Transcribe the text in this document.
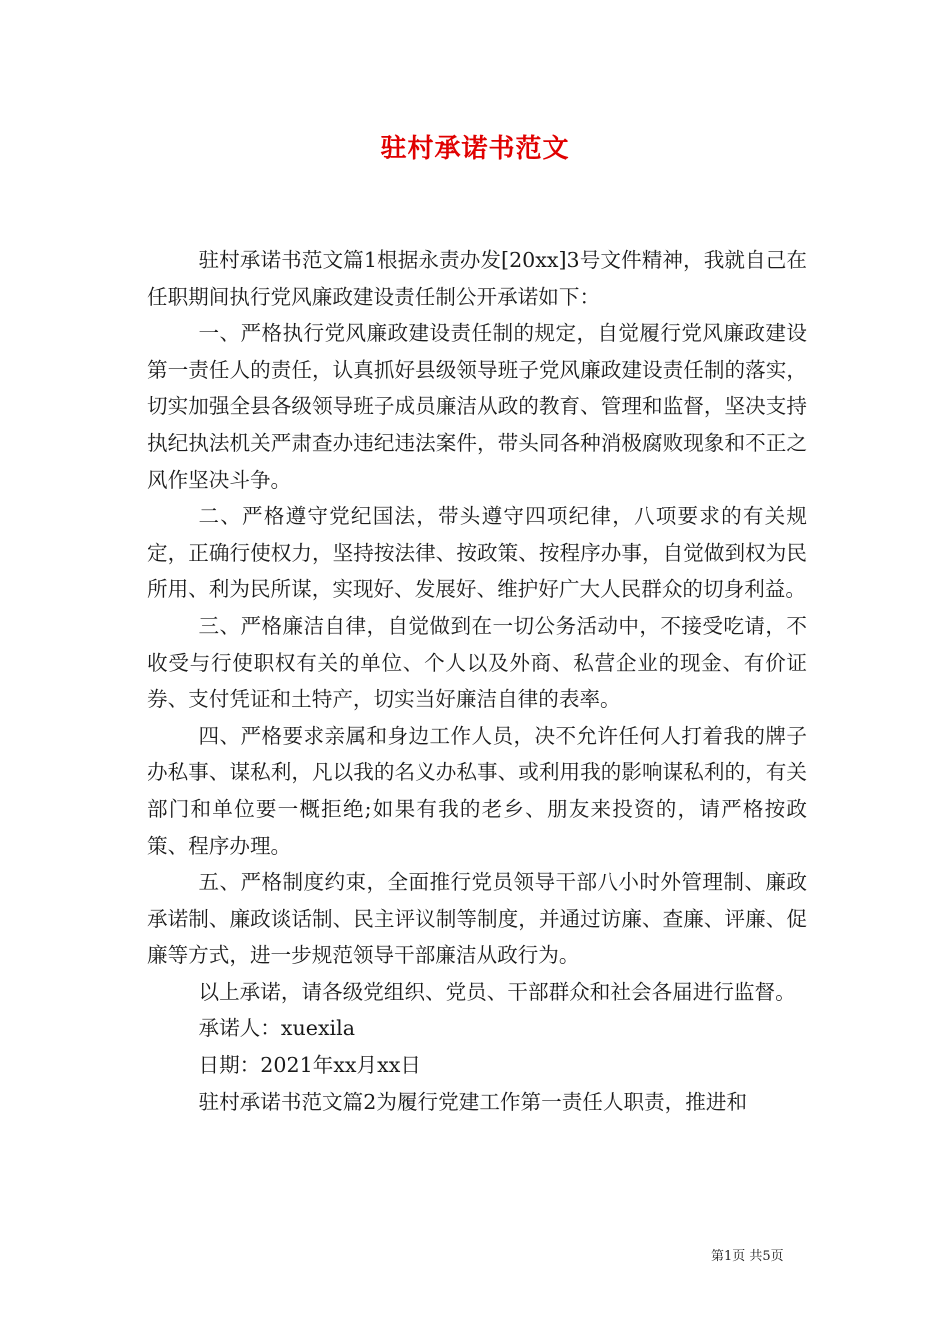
驻村承诺书范文

驻村承诺书范文篇1根据永责办发[20xx]3号文件精神，我就自己在任职期间执行党风廉政建设责任制公开承诺如下：

一、严格执行党风廉政建设责任制的规定，自觉履行党风廉政建设第一责任人的责任，认真抓好县级领导班子党风廉政建设责任制的落实，切实加强全县各级领导班子成员廉洁从政的教育、管理和监督，坚决支持执纪执法机关严肃查办违纪违法案件，带头同各种消极腐败现象和不正之风作坚决斗争。

二、严格遵守党纪国法，带头遵守四项纪律，八项要求的有关规定，正确行使权力，坚持按法律、按政策、按程序办事，自觉做到权为民所用、利为民所谋，实现好、发展好、维护好广大人民群众的切身利益。

三、严格廉洁自律，自觉做到在一切公务活动中，不接受吃请，不收受与行使职权有关的单位、个人以及外商、私营企业的现金、有价证券、支付凭证和土特产，切实当好廉洁自律的表率。

四、严格要求亲属和身边工作人员，决不允许任何人打着我的牌子办私事、谋私利，凡以我的名义办私事、或利用我的影响谋私利的，有关部门和单位要一概拒绝;如果有我的老乡、朋友来投资的，请严格按政策、程序办理。

五、严格制度约束，全面推行党员领导干部八小时外管理制、廉政承诺制、廉政谈话制、民主评议制等制度，并通过访廉、查廉、评廉、促廉等方式，进一步规范领导干部廉洁从政行为。

以上承诺，请各级党组织、党员、干部群众和社会各届进行监督。

承诺人：xuexila

日期：2021年xx月xx日

驻村承诺书范文篇2为履行党建工作第一责任人职责，推进和

第1页 共5页
